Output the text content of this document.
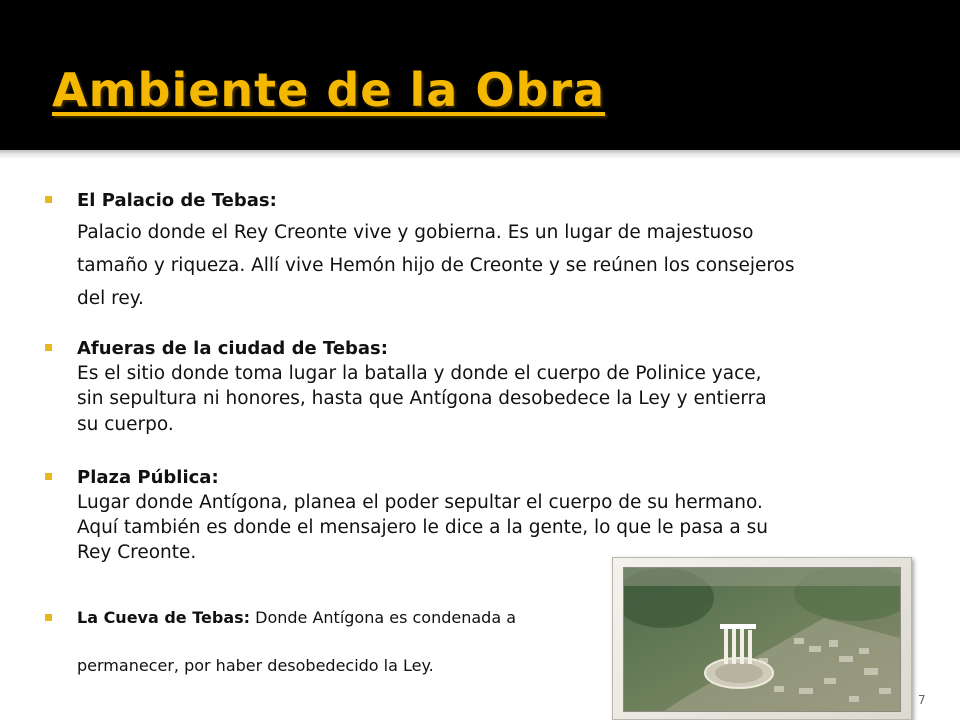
Ambiente de la Obra
El Palacio de Tebas:
Palacio donde el Rey Creonte vive y gobierna. Es un lugar de majestuoso
tamaño y riqueza. Allí vive Hemón hijo de Creonte y se reúnen los consejeros
del rey.
Afueras de la ciudad de Tebas:
Es el sitio donde toma lugar la batalla y donde el cuerpo de Polinice yace,
sin sepultura ni honores, hasta que Antígona desobedece la Ley y entierra
su cuerpo.
Plaza Pública:
Lugar donde Antígona, planea el poder sepultar el cuerpo de su hermano.
Aquí también es donde el mensajero le dice a la gente, lo que le pasa a su
Rey Creonte.
La Cueva de Tebas: Donde Antígona es condenada a
permanecer, por haber desobedecido la Ley.
7
